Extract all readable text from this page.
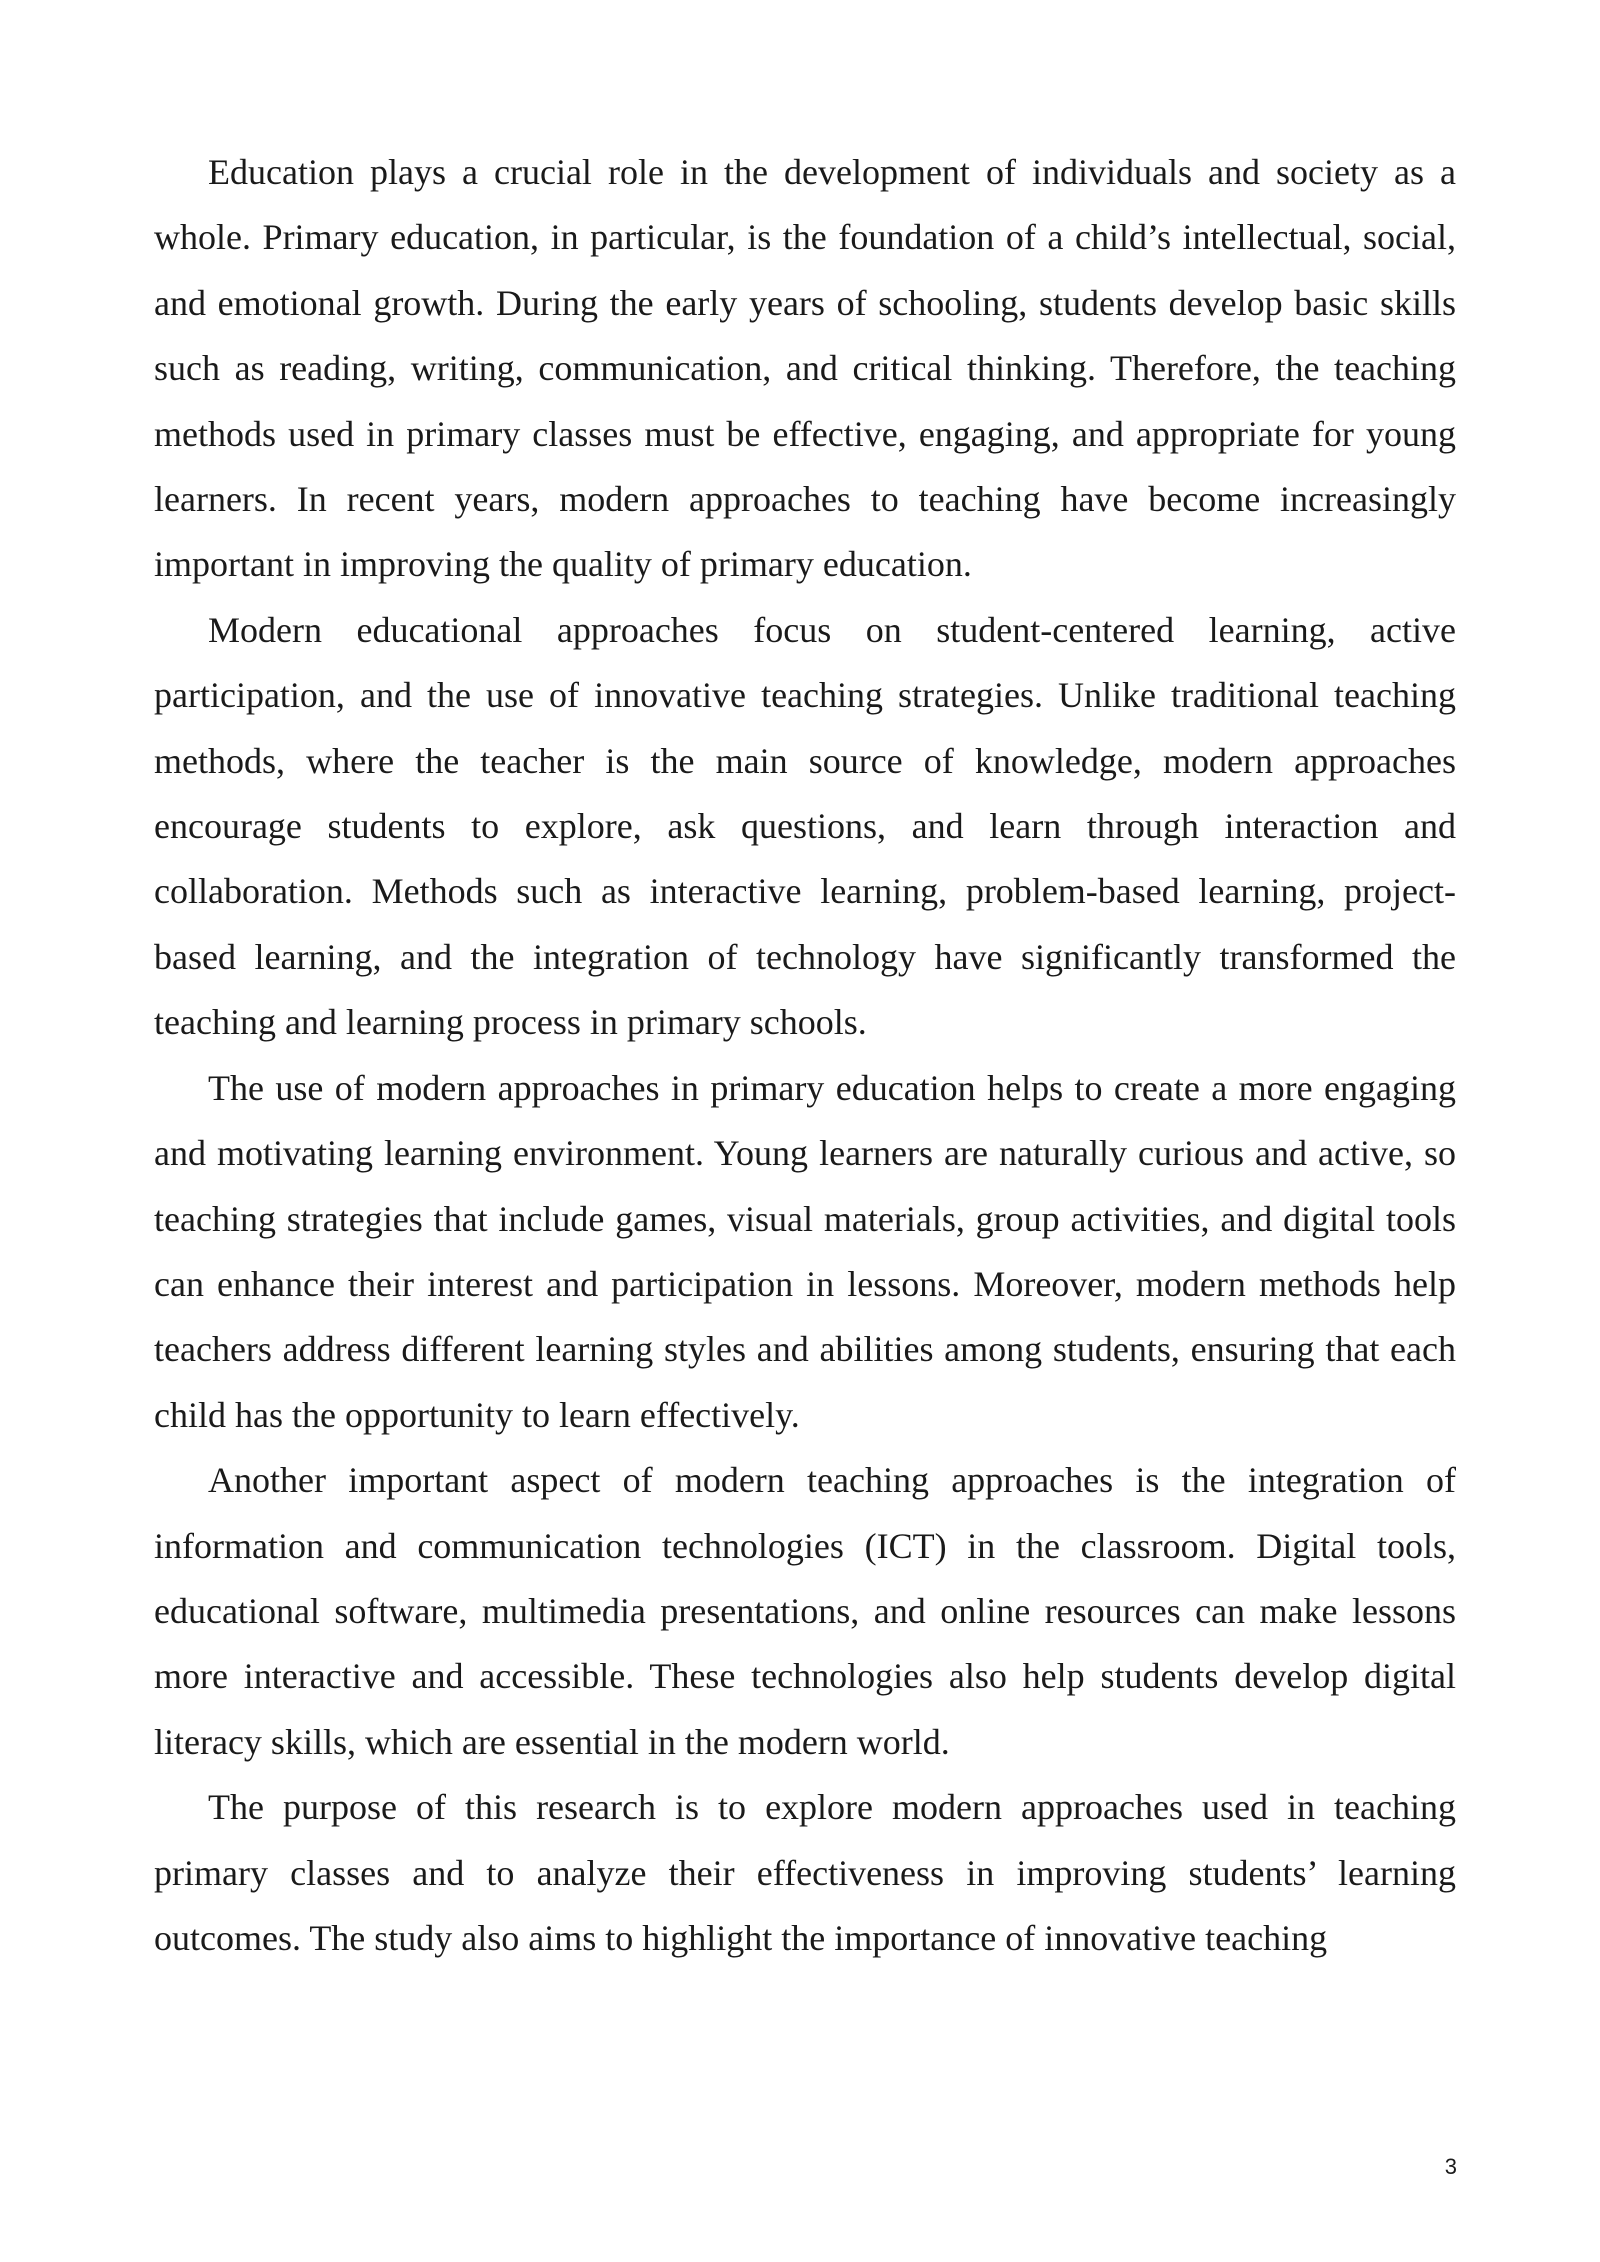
Education plays a crucial role in the development of individuals and society as a whole. Primary education, in particular, is the foundation of a child’s intellectual, social, and emotional growth. During the early years of schooling, students develop basic skills such as reading, writing, communication, and critical thinking. Therefore, the teaching methods used in primary classes must be effective, engaging, and appropriate for young learners. In recent years, modern approaches to teaching have become increasingly important in improving the quality of primary education.

Modern educational approaches focus on student-centered learning, active participation, and the use of innovative teaching strategies. Unlike traditional teaching methods, where the teacher is the main source of knowledge, modern approaches encourage students to explore, ask questions, and learn through interaction and collaboration. Methods such as interactive learning, problem-based learning, project-based learning, and the integration of technology have significantly transformed the teaching and learning process in primary schools.

The use of modern approaches in primary education helps to create a more engaging and motivating learning environment. Young learners are naturally curious and active, so teaching strategies that include games, visual materials, group activities, and digital tools can enhance their interest and participation in lessons. Moreover, modern methods help teachers address different learning styles and abilities among students, ensuring that each child has the opportunity to learn effectively.

Another important aspect of modern teaching approaches is the integration of information and communication technologies (ICT) in the classroom. Digital tools, educational software, multimedia presentations, and online resources can make lessons more interactive and accessible. These technologies also help students develop digital literacy skills, which are essential in the modern world.

The purpose of this research is to explore modern approaches used in teaching primary classes and to analyze their effectiveness in improving students’ learning outcomes. The study also aims to highlight the importance of innovative teaching

3
